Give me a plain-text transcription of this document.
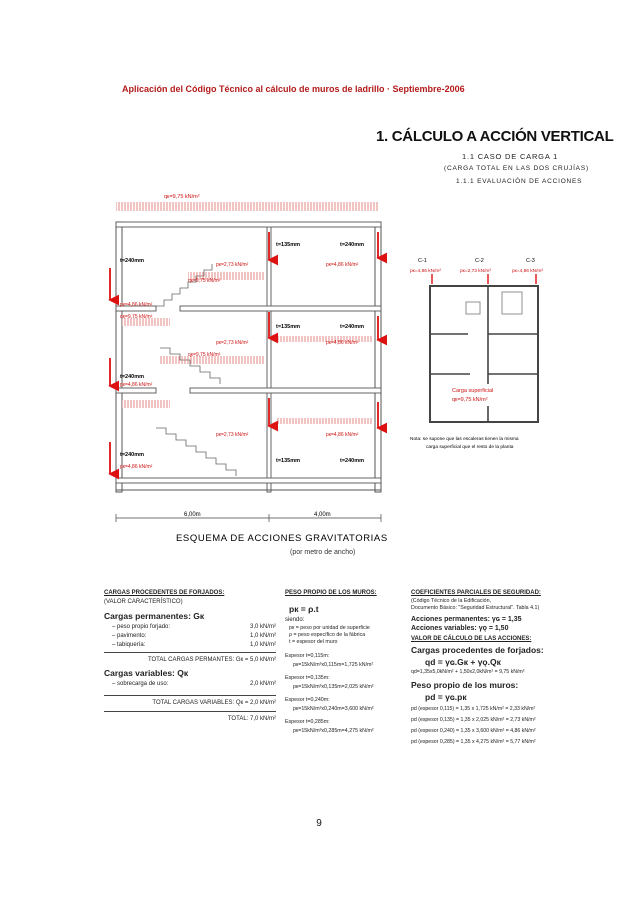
Aplicación del Código Técnico al cálculo de muros de ladrillo · Septiembre-2006
1. CÁLCULO A ACCIÓN VERTICAL
1.1 CASO DE CARGA 1
(CARGA TOTAL EN LAS DOS CRUJÍAS)
1.1.1 EVALUACIÓN DE ACCIONES
qк=9,75 kN/m²
t=240mm
t=135mm	t=240mm
t=135mm	t=240mm
t=240mm
t=240mm
t=135mm	t=240mm
pк=2,73 kN/m²	pк=4,86 kN/m²
qк=9,75 kN/m²
pк=4,86 kN/m²
qк=9,75 kN/m²
pк=2,73 kN/m²	pк=4,86 kN/m²
qк=9,75 kN/m²
pк=4,86 kN/m²
pк=2,73 kN/m²	pк=4,86 kN/m²
pк=4,86 kN/m²
6,00m	4,00m
ESQUEMA DE ACCIONES GRAVITATORIAS
(por metro de ancho)
C-1	C-2	C-3
pк=4,86 kN/m²	pк=2,73 kN/m²	pк=4,86 kN/m²
Carga superficial
qк=9,75 kN/m²
Nota: se supone que las escaleras tienen la misma
carga superficial que el resto de la planta
CARGAS PROCEDENTES DE FORJADOS:
(VALOR CARACTERÍSTICO)
Cargas permanentes: Gк
– peso propio forjado:	3,0 kN/m²
– pavimento:	1,0 kN/m²
– tabiquería:	1,0 kN/m²
TOTAL CARGAS PERMANTES: Gк = 5,0 kN/m²
Cargas variables: Qк
– sobrecarga de uso:	2,0 kN/m²
TOTAL CARGAS VARIABLES: Qк = 2,0 kN/m²
TOTAL: 7,0 kN/m²
PESO PROPIO DE LOS MUROS:
pк = ρ.t
siendo:
pк = peso por unidad de superficie
ρ = peso específico de la fábrica
t = espesor del muro
Espesor t=0,115m:
pк=15kN/m³x0,115m=1,725 kN/m²
Espesor t=0,135m:
pк=15kN/m³x0,135m=2,025 kN/m²
Espesor t=0,240m:
pк=15kN/m³x0,240m=3,600 kN/m²
Espesor t=0,285m:
pк=15kN/m³x0,285m=4,275 kN/m²
COEFICIENTES PARCIALES DE SEGURIDAD:
(Código Técnico de la Edificación,
Documento Básico: "Seguridad Estructural". Tabla 4.1)
Acciones permanentes: γɢ = 1,35
Acciones variables: γǫ = 1,50
VALOR DE CÁLCULO DE LAS ACCIONES:
Cargas procedentes de forjados:
qd = γɢ.Gк + γǫ.Qк
qd=1,35x5,0kN/m² + 1,50x2,0kN/m² = 9,75 kN/m²
Peso propio de los muros:
pd = γɢ.pк
pd (espesor 0,115) = 1,35 x 1,725 kN/m² = 2,33 kN/m²
pd (espesor 0,135) = 1,35 x 2,025 kN/m² = 2,73 kN/m²
pd (espesor 0,240) = 1,35 x 3,600 kN/m² = 4,86 kN/m²
pd (espesor 0,285) = 1,35 x 4,275 kN/m² = 5,77 kN/m²
9
